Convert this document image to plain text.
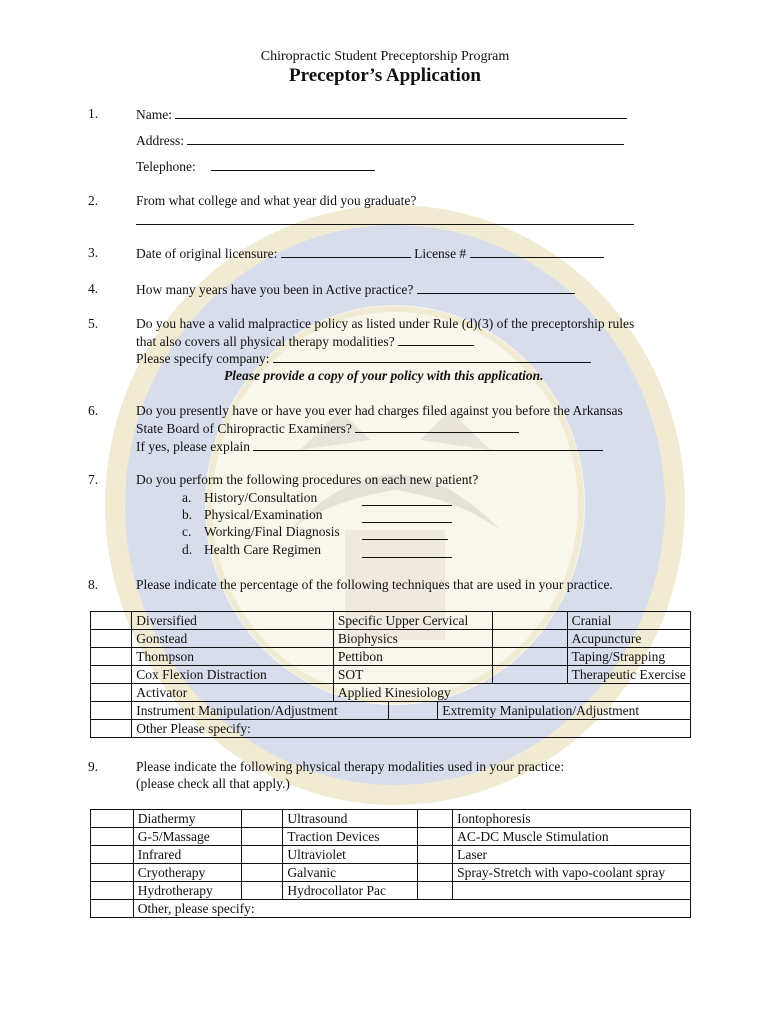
Chiropractic Student Preceptorship Program
Preceptor’s Application
1.	Name:
Address:
Telephone:
2.	From what college and what year did you graduate?
3.	Date of original licensure:	License #
4.	How many years have you been in Active practice?
5.	Do you have a valid malpractice policy as listed under Rule (d)(3) of the preceptorship rules
that also covers all physical therapy modalities?
Please specify company:
Please provide a copy of your policy with this application.
6.	Do you presently have or have you ever had charges filed against you before the Arkansas
State Board of Chiropractic Examiners?
If yes, please explain
7.	Do you perform the following procedures on each new patient?
a. History/Consultation
b. Physical/Examination
c. Working/Final Diagnosis
d. Health Care Regimen
8.	Please indicate the percentage of the following techniques that are used in your practice.
	Diversified	Specific Upper Cervical				Cranial
	Gonstead	Biophysics				Acupuncture
	Thompson	Pettibon				Taping/Strapping
	Cox Flexion Distraction	SOT				Therapeutic Exercise
	Activator	Applied Kinesiology				
	Instrument Manipulation/Adjustment			Extremity Manipulation/Adjustment		
	Other Please specify:					
9.	Please indicate the following physical therapy modalities used in your practice:
(please check all that apply.)
	Diathermy		Ultrasound		Iontophoresis
	G-5/Massage		Traction Devices		AC-DC Muscle Stimulation
	Infrared		Ultraviolet		Laser
	Cryotherapy		Galvanic		Spray-Stretch with vapo-coolant spray
	Hydrotherapy		Hydrocollator Pac		
	Other, please specify:				
